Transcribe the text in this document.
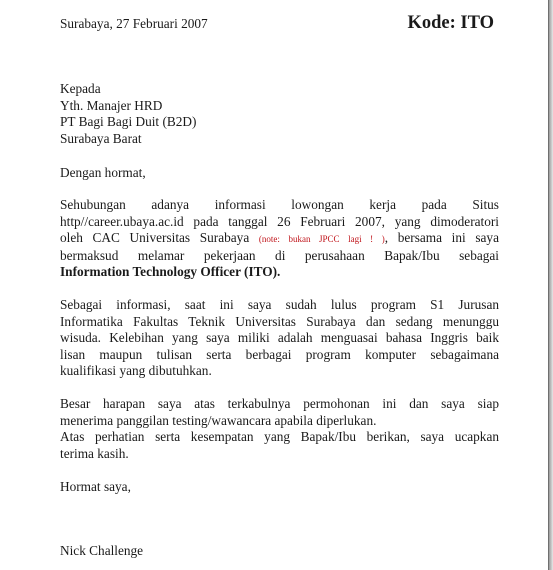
Surabaya, 27 Februari 2007	Kode: ITO
Kepada
Yth. Manajer HRD
PT Bagi Bagi Duit (B2D)
Surabaya Barat
Dengan hormat,
Sehubungan adanya informasi lowongan kerja pada Situs
http//career.ubaya.ac.id pada tanggal 26 Februari 2007, yang dimoderatori
oleh CAC Universitas Surabaya (note: bukan JPCC lagi ! ), bersama ini saya
bermaksud melamar pekerjaan di perusahaan Bapak/Ibu sebagai
Information Technology Officer (ITO).
Sebagai informasi, saat ini saya sudah lulus program S1 Jurusan
Informatika Fakultas Teknik Universitas Surabaya dan sedang menunggu
wisuda. Kelebihan yang saya miliki adalah menguasai bahasa Inggris baik
lisan maupun tulisan serta berbagai program komputer sebagaimana
kualifikasi yang dibutuhkan.
Besar harapan saya atas terkabulnya permohonan ini dan saya siap
menerima panggilan testing/wawancara apabila diperlukan.
Atas perhatian serta kesempatan yang Bapak/Ibu berikan, saya ucapkan
terima kasih.
Hormat saya,
Nick Challenge
